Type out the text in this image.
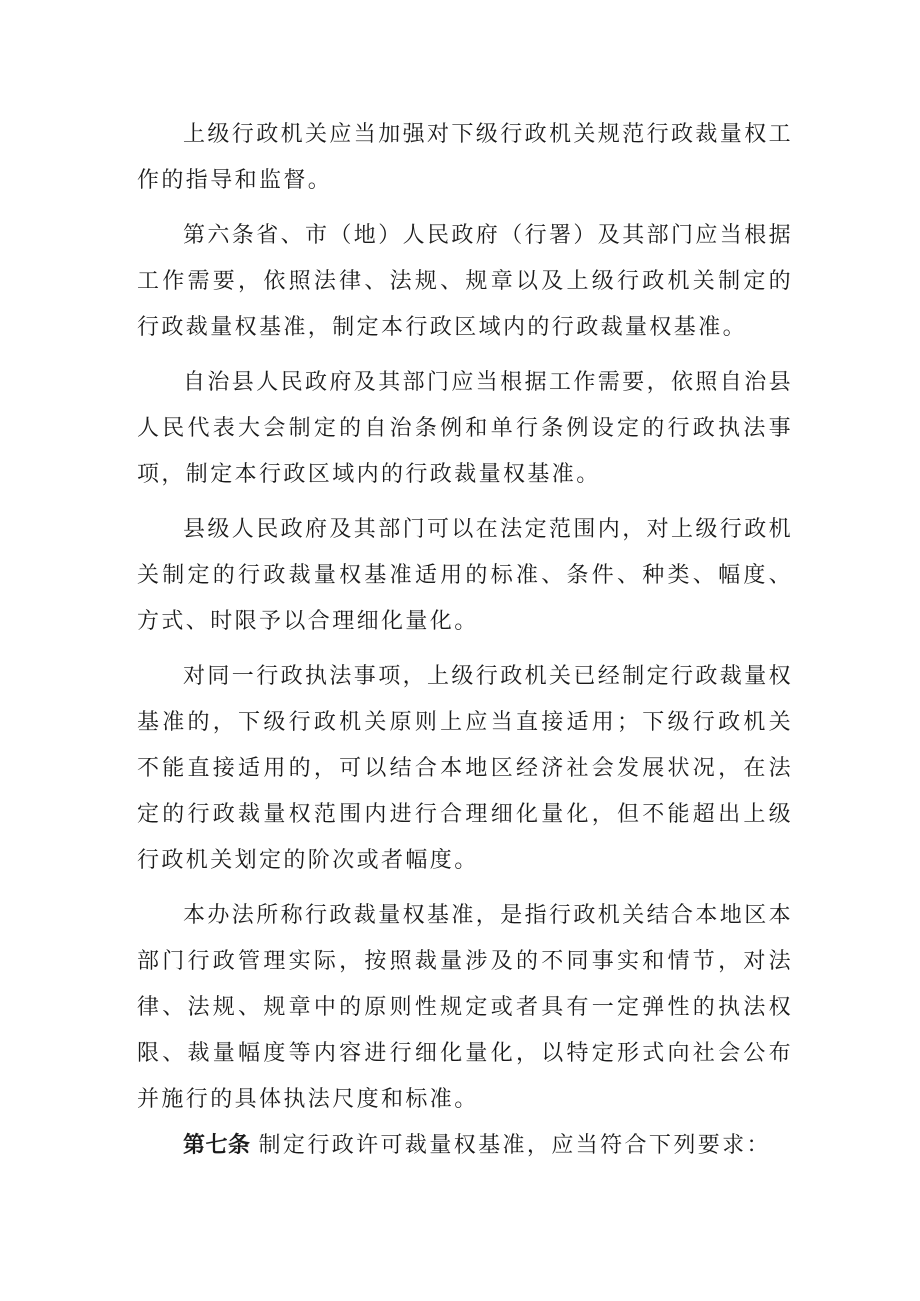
上级行政机关应当加强对下级行政机关规范行政裁量权工作的指导和监督。

第六条省、市（地）人民政府（行署）及其部门应当根据工作需要，依照法律、法规、规章以及上级行政机关制定的行政裁量权基准，制定本行政区域内的行政裁量权基准。

自治县人民政府及其部门应当根据工作需要，依照自治县人民代表大会制定的自治条例和单行条例设定的行政执法事项，制定本行政区域内的行政裁量权基准。

县级人民政府及其部门可以在法定范围内，对上级行政机关制定的行政裁量权基准适用的标准、条件、种类、幅度、方式、时限予以合理细化量化。

对同一行政执法事项，上级行政机关已经制定行政裁量权基准的，下级行政机关原则上应当直接适用；下级行政机关不能直接适用的，可以结合本地区经济社会发展状况，在法定的行政裁量权范围内进行合理细化量化，但不能超出上级行政机关划定的阶次或者幅度。

本办法所称行政裁量权基准，是指行政机关结合本地区本部门行政管理实际，按照裁量涉及的不同事实和情节，对法律、法规、规章中的原则性规定或者具有一定弹性的执法权限、裁量幅度等内容进行细化量化，以特定形式向社会公布并施行的具体执法尺度和标准。

第七条 制定行政许可裁量权基准，应当符合下列要求：
